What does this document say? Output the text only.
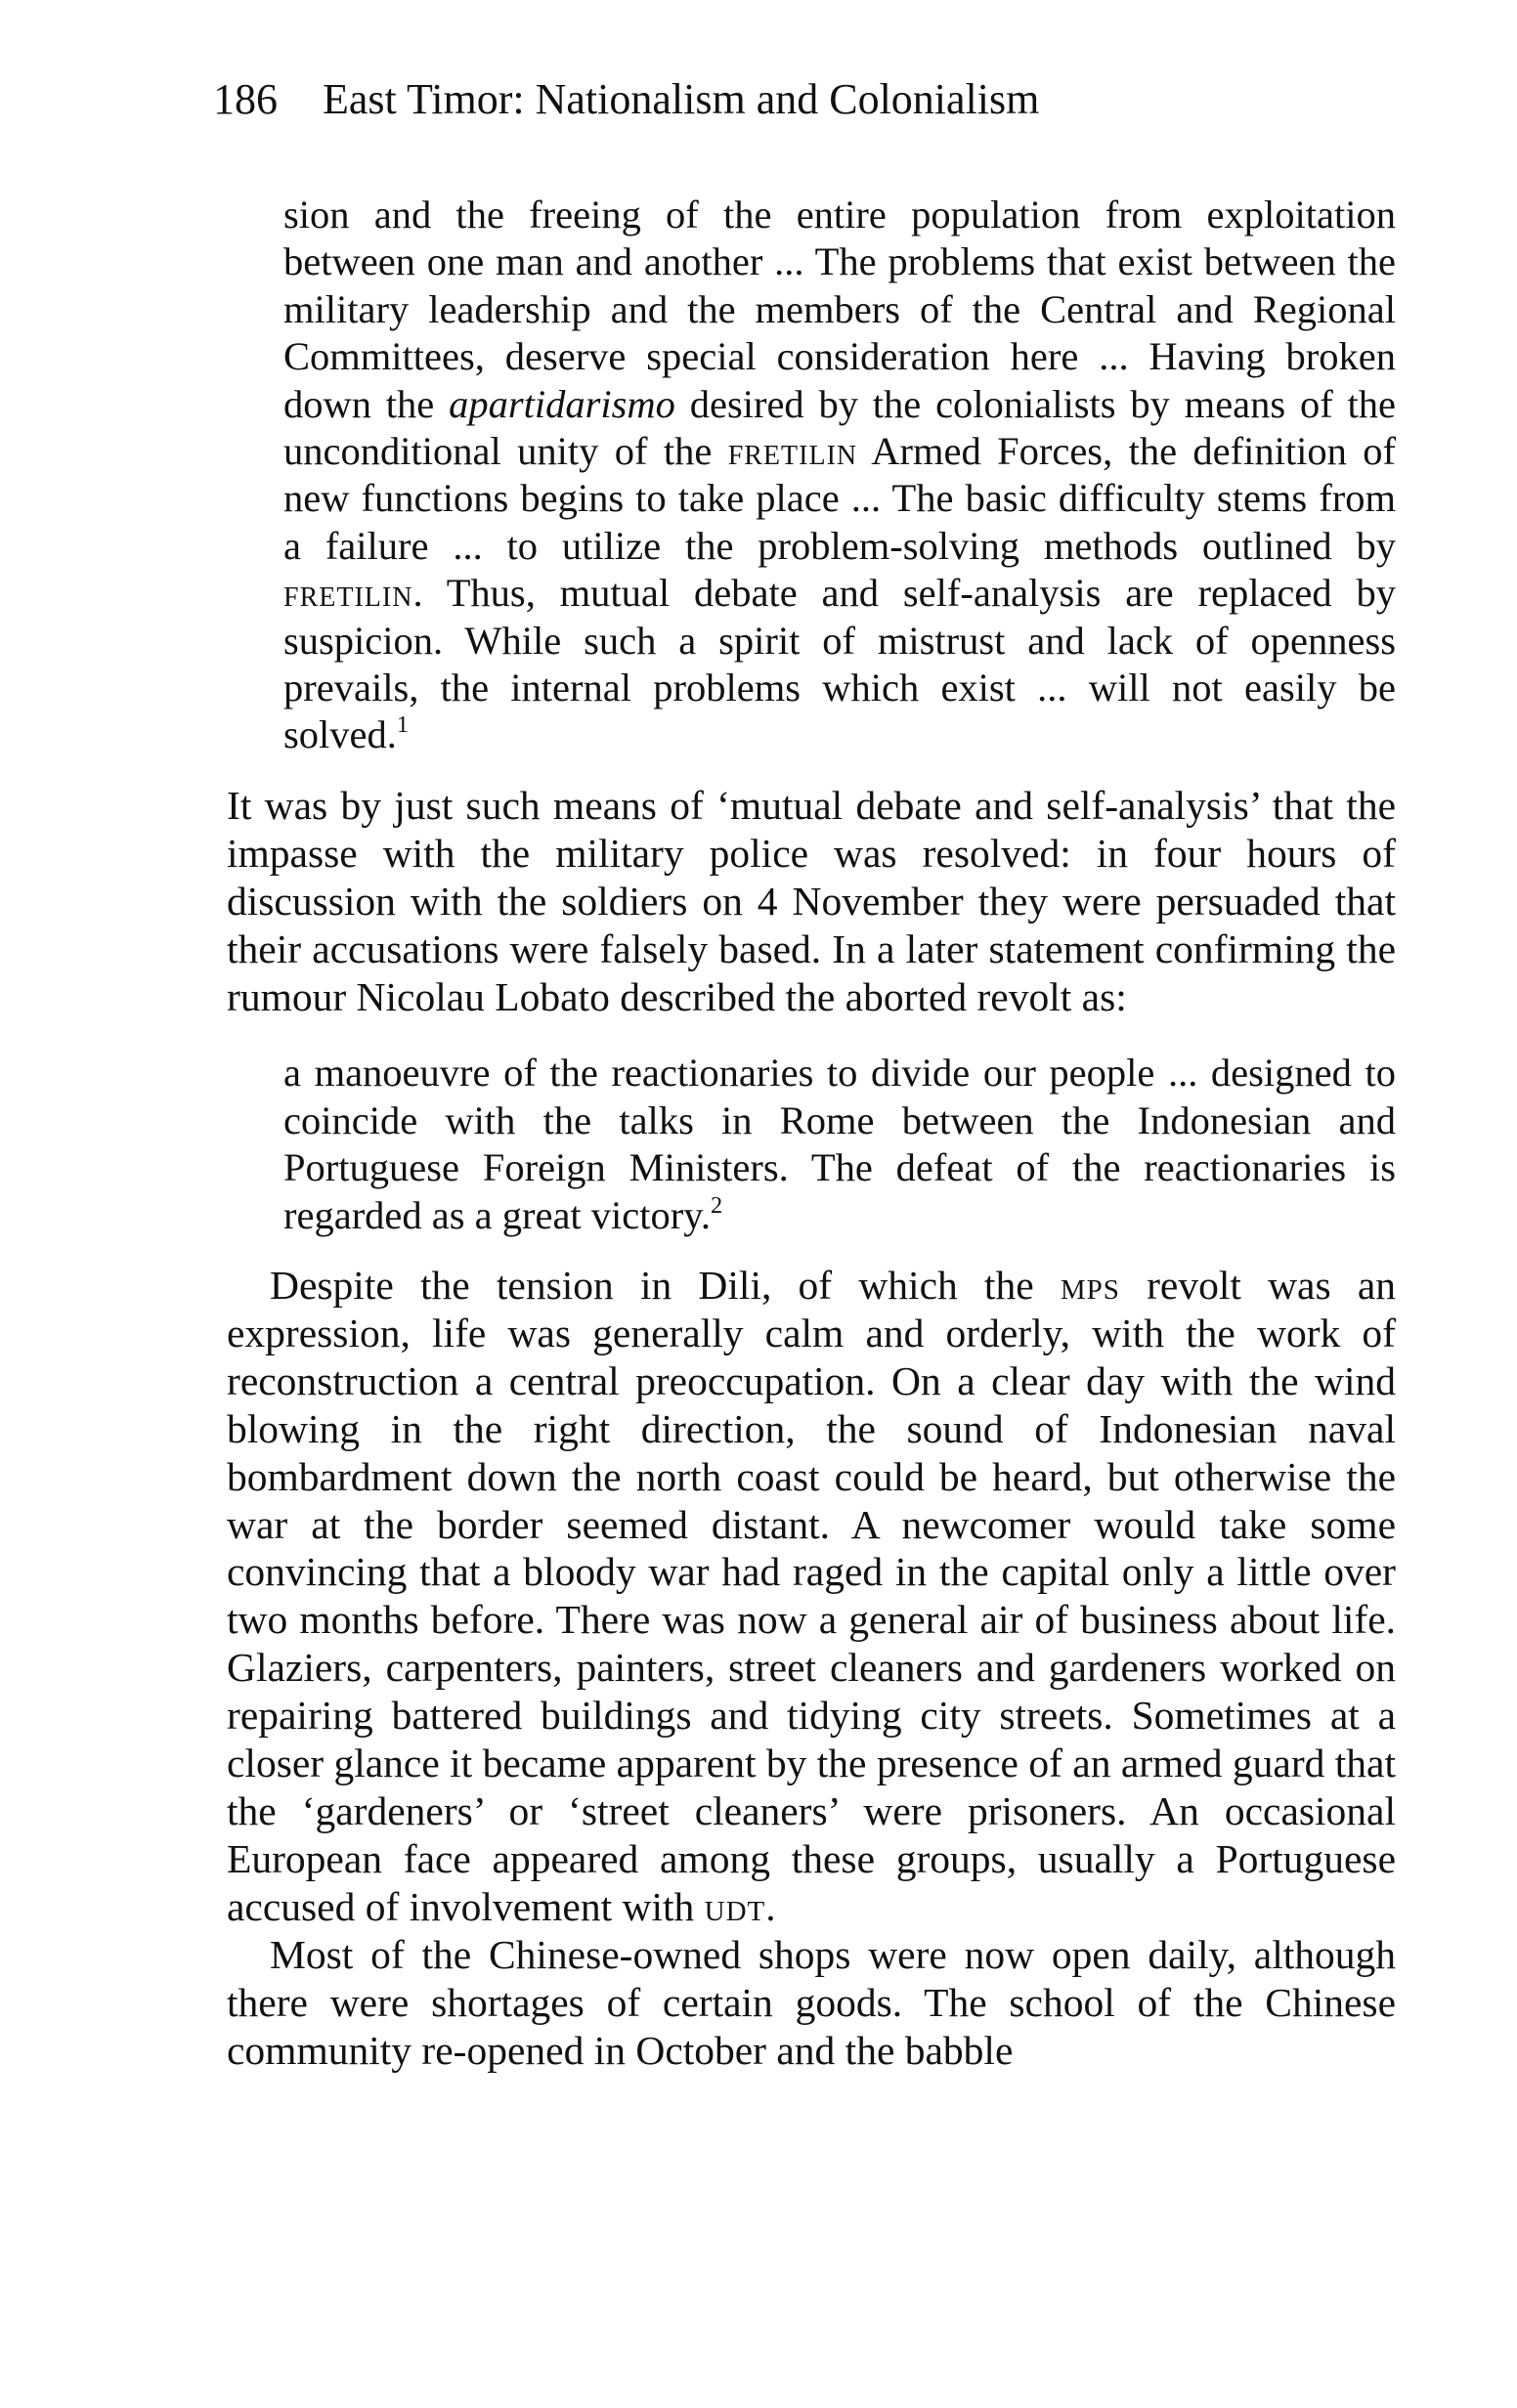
186 East Timor: Nationalism and Colonialism

sion and the freeing of the entire population from exploitation between one man and another ... The problems that exist between the military leadership and the members of the Central and Regional Committees, deserve special consideration here ... Having broken down the apartidarismo desired by the colonialists by means of the unconditional unity of the fretilin Armed Forces, the definition of new functions begins to take place ... The basic difficulty stems from a failure ... to utilize the problem-solving methods outlined by fretilin. Thus, mutual debate and self-analysis are replaced by suspicion. While such a spirit of mistrust and lack of openness prevails, the internal problems which exist ... will not easily be solved.$^1$

It was by just such means of ‘mutual debate and self-analysis’ that the impasse with the military police was resolved: in four hours of discussion with the soldiers on 4 November they were persuaded that their accusations were falsely based. In a later statement confirming the rumour Nicolau Lobato described the aborted revolt as:

a manoeuvre of the reactionaries to divide our people ... designed to coincide with the talks in Rome between the Indonesian and Portuguese Foreign Ministers. The defeat of the reactionaries is regarded as a great victory.$^2$

Despite the tension in Dili, of which the mps revolt was an expression, life was generally calm and orderly, with the work of reconstruction a central preoccupation. On a clear day with the wind blowing in the right direction, the sound of Indonesian naval bombardment down the north coast could be heard, but otherwise the war at the border seemed distant. A newcomer would take some convincing that a bloody war had raged in the capital only a little over two months before. There was now a general air of business about life. Glaziers, carpenters, painters, street cleaners and gardeners worked on repairing battered buildings and tidying city streets. Sometimes at a closer glance it became apparent by the presence of an armed guard that the ‘gardeners’ or ‘street cleaners’ were prisoners. An occasional European face appeared among these groups, usually a Portuguese accused of involvement with udt.

Most of the Chinese-owned shops were now open daily, although there were shortages of certain goods. The school of the Chinese community re-opened in October and the babble
